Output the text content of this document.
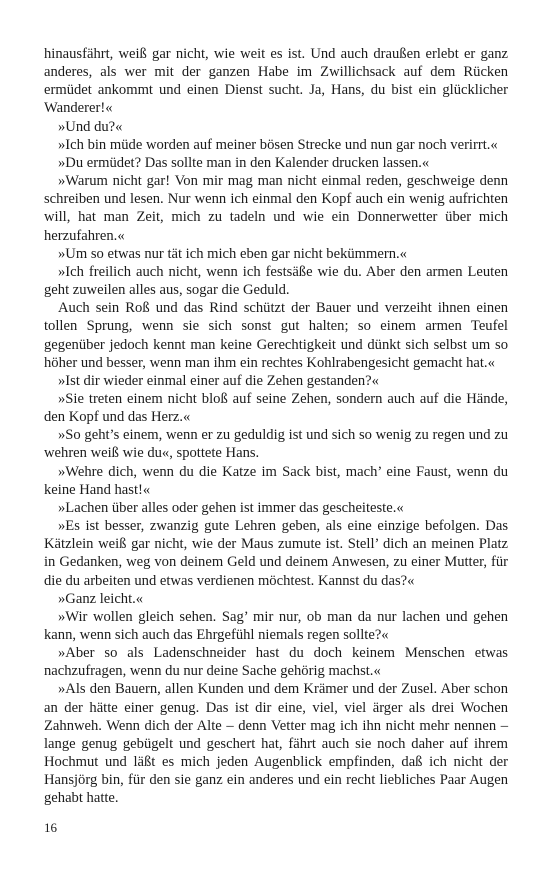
hinausfährt, weiß gar nicht, wie weit es ist. Und auch draußen erlebt er ganz anderes, als wer mit der ganzen Habe im Zwillichsack auf dem Rücken ermüdet ankommt und einen Dienst sucht. Ja, Hans, du bist ein glücklicher Wanderer!«

»Und du?«

»Ich bin müde worden auf meiner bösen Strecke und nun gar noch verirrt.«

»Du ermüdet? Das sollte man in den Kalender drucken lassen.«

»Warum nicht gar! Von mir mag man nicht einmal reden, geschweige denn schreiben und lesen. Nur wenn ich einmal den Kopf auch ein wenig aufrichten will, hat man Zeit, mich zu tadeln und wie ein Donnerwetter über mich herzufahren.«

»Um so etwas nur tät ich mich eben gar nicht bekümmern.«

»Ich freilich auch nicht, wenn ich festsäße wie du. Aber den armen Leuten geht zuweilen alles aus, sogar die Geduld.

Auch sein Roß und das Rind schützt der Bauer und verzeiht ihnen einen tollen Sprung, wenn sie sich sonst gut halten; so einem armen Teufel gegenüber jedoch kennt man keine Gerechtigkeit und dünkt sich selbst um so höher und besser, wenn man ihm ein rechtes Kohlrabengesicht gemacht hat.«

»Ist dir wieder einmal einer auf die Zehen gestanden?«

»Sie treten einem nicht bloß auf seine Zehen, sondern auch auf die Hände, den Kopf und das Herz.«

»So geht’s einem, wenn er zu geduldig ist und sich so wenig zu regen und zu wehren weiß wie du«, spottete Hans.

»Wehre dich, wenn du die Katze im Sack bist, mach’ eine Faust, wenn du keine Hand hast!«

»Lachen über alles oder gehen ist immer das gescheiteste.«

»Es ist besser, zwanzig gute Lehren geben, als eine einzige befolgen. Das Kätzlein weiß gar nicht, wie der Maus zumute ist. Stell’ dich an meinen Platz in Gedanken, weg von deinem Geld und deinem Anwesen, zu einer Mutter, für die du arbeiten und etwas verdienen möchtest. Kannst du das?«

»Ganz leicht.«

»Wir wollen gleich sehen. Sag’ mir nur, ob man da nur lachen und gehen kann, wenn sich auch das Ehrgefühl niemals regen sollte?«

»Aber so als Ladenschneider hast du doch keinem Menschen etwas nachzufragen, wenn du nur deine Sache gehörig machst.«

»Als den Bauern, allen Kunden und dem Krämer und der Zusel. Aber schon an der hätte einer genug. Das ist dir eine, viel, viel ärger als drei Wochen Zahnweh. Wenn dich der Alte – denn Vetter mag ich ihn nicht mehr nennen – lange genug gebügelt und geschert hat, fährt auch sie noch daher auf ihrem Hochmut und läßt es mich jeden Augenblick empfinden, daß ich nicht der Hansjörg bin, für den sie ganz ein anderes und ein recht liebliches Paar Augen gehabt hatte.

16
